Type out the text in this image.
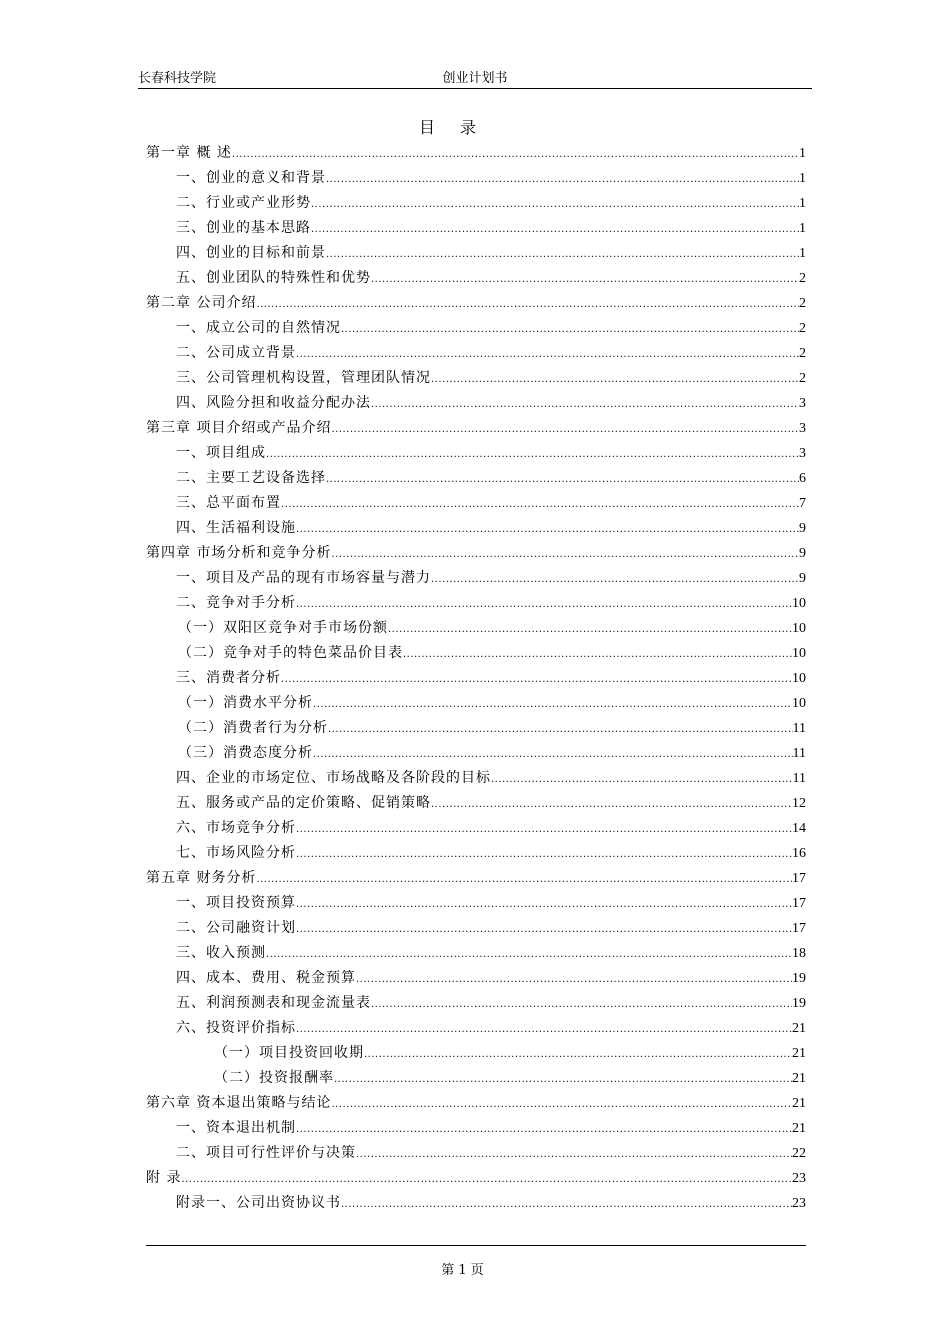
长春科技学院	创业计划书
目 录
第一章 概 述 .....	1
一、创业的意义和背景 .....	1
二、行业或产业形势 .....	1
三、创业的基本思路 .....	1
四、创业的目标和前景 .....	1
五、创业团队的特殊性和优势 .....	2
第二章 公司介绍 .....	2
一、成立公司的自然情况 .....	2
二、公司成立背景 .....	2
三、公司管理机构设置，管理团队情况 .....	2
四、风险分担和收益分配办法 .....	3
第三章 项目介绍或产品介绍 .....	3
一、项目组成 .....	3
二、主要工艺设备选择 .....	6
三、总平面布置 .....	7
四、生活福利设施 .....	9
第四章 市场分析和竞争分析 .....	9
一、项目及产品的现有市场容量与潜力 .....	9
二、竞争对手分析 .....	10
（一）双阳区竞争对手市场份额 .....	10
（二）竞争对手的特色菜品价目表 .....	10
三、消费者分析 .....	10
（一）消费水平分析 .....	10
（二）消费者行为分析 .....	11
（三）消费态度分析 .....	11
四、企业的市场定位、市场战略及各阶段的目标 .....	11
五、服务或产品的定价策略、促销策略 .....	12
六、市场竞争分析 .....	14
七、市场风险分析 .....	16
第五章 财务分析 .....	17
一、项目投资预算 .....	17
二、公司融资计划 .....	17
三、收入预测 .....	18
四、成本、费用、税金预算 .....	19
五、利润预测表和现金流量表 .....	19
六、投资评价指标 .....	21
（一）项目投资回收期 .....	21
（二）投资报酬率 .....	21
第六章 资本退出策略与结论 .....	21
一、资本退出机制 .....	21
二、项目可行性评价与决策 .....	22
附 录 .....	23
附录一、公司出资协议书 .....	23
第 1 页
